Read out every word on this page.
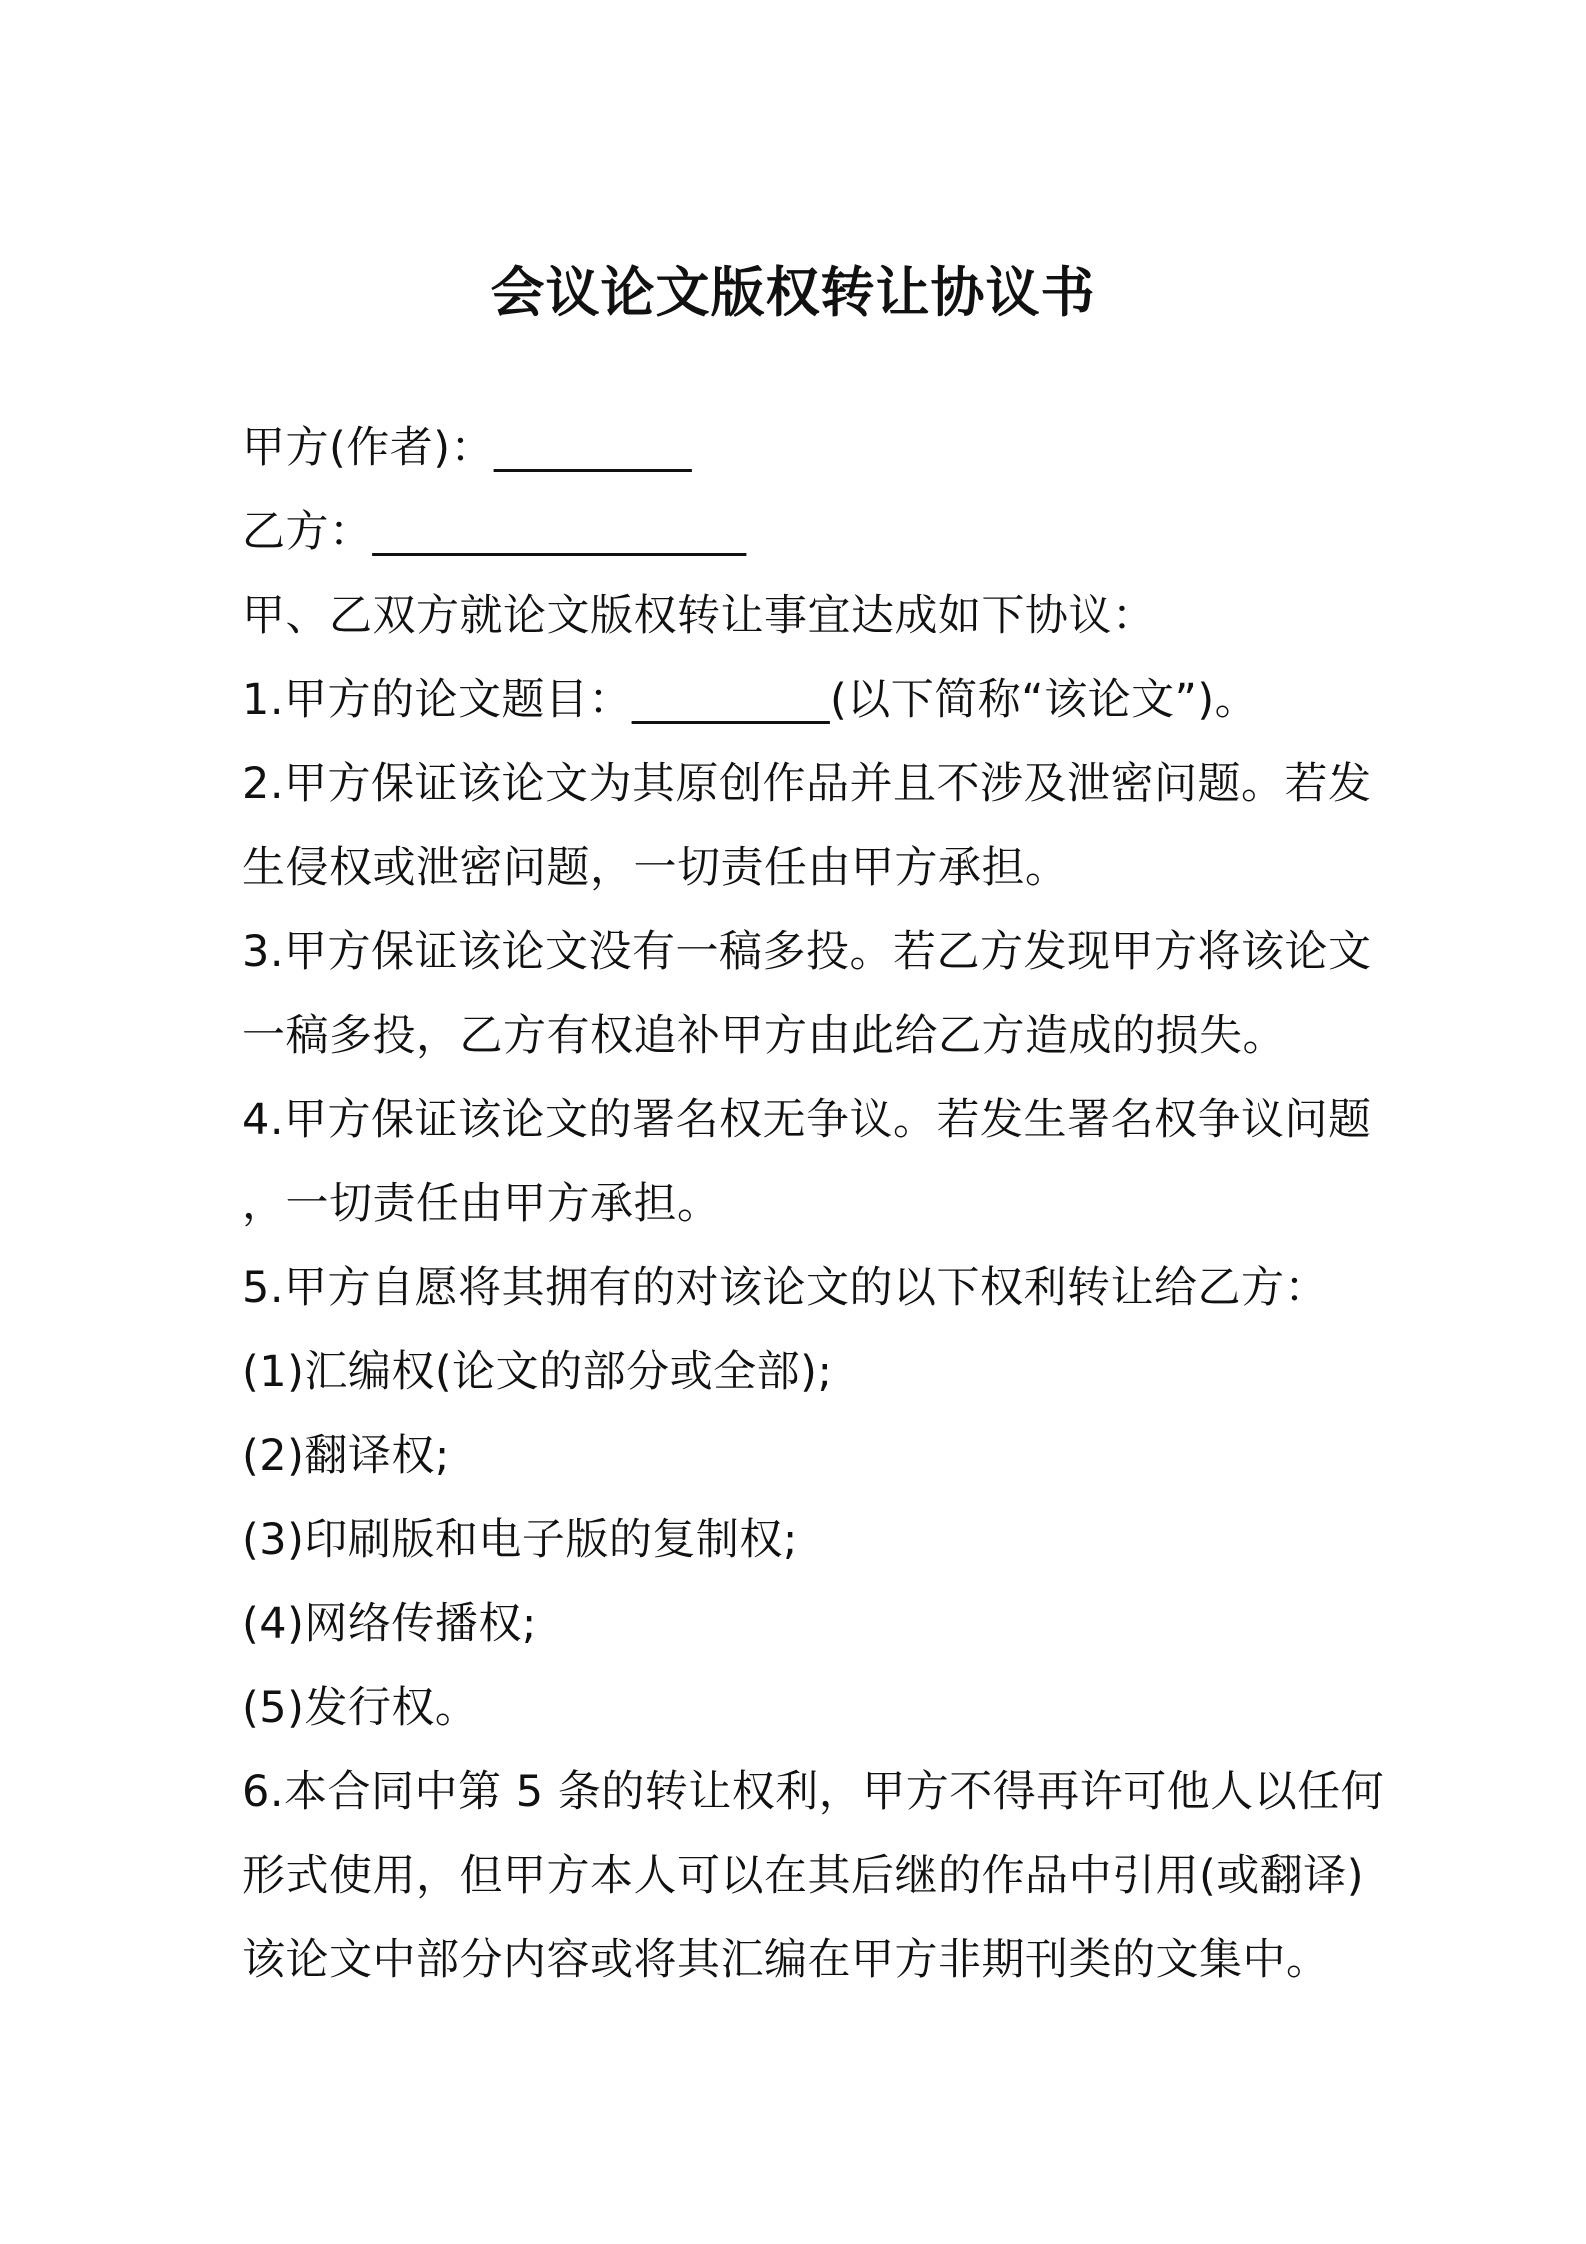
会议论文版权转让协议书
甲方(作者)：_________
乙方：_________________
甲、乙双方就论文版权转让事宜达成如下协议：
1.甲方的论文题目：_________(以下简称“该论文”)。
2.甲方保证该论文为其原创作品并且不涉及泄密问题。若发
生侵权或泄密问题，一切责任由甲方承担。
3.甲方保证该论文没有一稿多投。若乙方发现甲方将该论文
一稿多投，乙方有权追补甲方由此给乙方造成的损失。
4.甲方保证该论文的署名权无争议。若发生署名权争议问题
，一切责任由甲方承担。
5.甲方自愿将其拥有的对该论文的以下权利转让给乙方：
(1)汇编权(论文的部分或全部);
(2)翻译权;
(3)印刷版和电子版的复制权;
(4)网络传播权;
(5)发行权。
6.本合同中第 5 条的转让权利，甲方不得再许可他人以任何
形式使用，但甲方本人可以在其后继的作品中引用(或翻译)
该论文中部分内容或将其汇编在甲方非期刊类的文集中。
